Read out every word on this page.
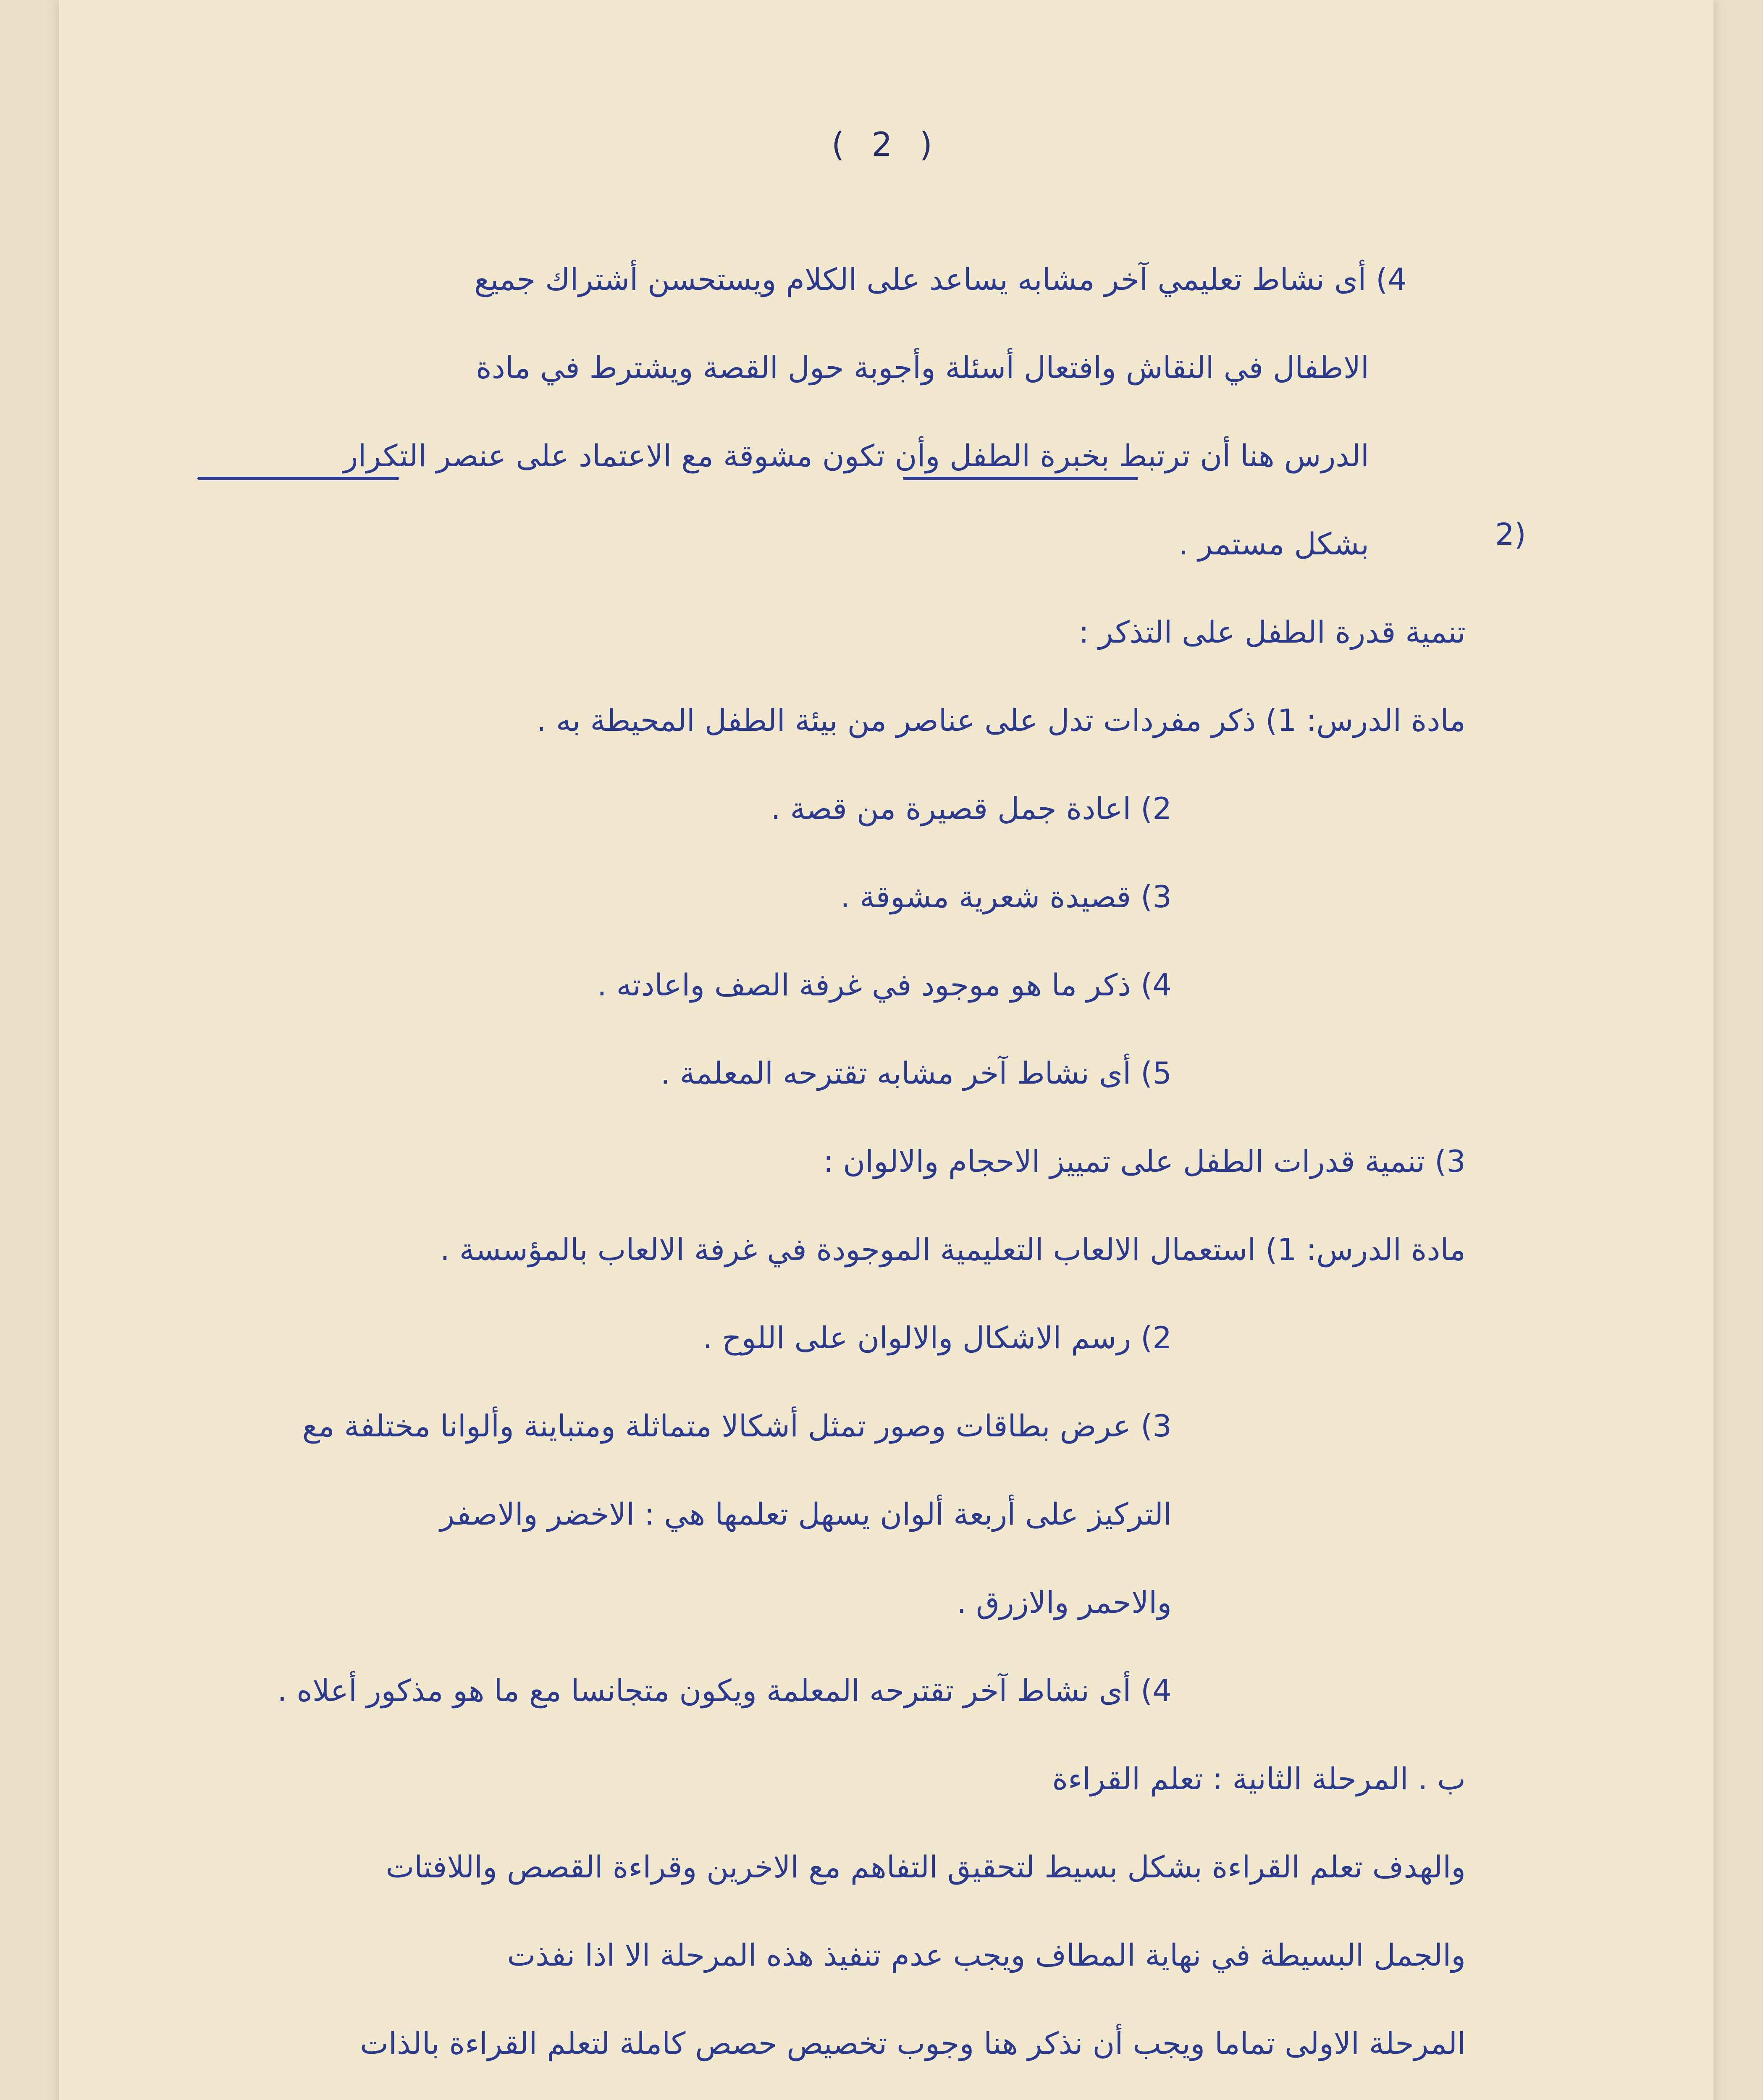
( 2 )
2)
4) أى نشاط تعليمي آخر مشابه يساعد على الكلام ويستحسن أشتراك جميع
الاطفال في النقاش وافتعال أسئلة وأجوبة حول القصة ويشترط في مادة
الدرس هنا أن ترتبط بخبرة الطفل وأن تكون مشوقة مع الاعتماد على عنصر التكرار
بشكل مستمر .
تنمية قدرة الطفل على التذكر :
مادة الدرس: 1) ذكر مفردات تدل على عناصر من بيئة الطفل المحيطة به .
2) اعادة جمل قصيرة من قصة .
3) قصيدة شعرية مشوقة .
4) ذكر ما هو موجود في غرفة الصف واعادته .
5) أى نشاط آخر مشابه تقترحه المعلمة .
3) تنمية قدرات الطفل على تمييز الاحجام والالوان :
مادة الدرس: 1) استعمال الالعاب التعليمية الموجودة في غرفة الالعاب بالمؤسسة .
2) رسم الاشكال والالوان على اللوح .
3) عرض بطاقات وصور تمثل أشكالا متماثلة ومتباينة وألوانا مختلفة مع
التركيز على أربعة ألوان يسهل تعلمها هي : الاخضر والاصفر
والاحمر والازرق .
4) أى نشاط آخر تقترحه المعلمة ويكون متجانسا مع ما هو مذكور أعلاه .
ب . المرحلة الثانية : تعلم القراءة
والهدف تعلم القراءة بشكل بسيط لتحقيق التفاهم مع الاخرين وقراءة القصص واللافتات
والجمل البسيطة في نهاية المطاف ويجب عدم تنفيذ هذه المرحلة الا اذا نفذت
المرحلة الاولى تماما ويجب أن نذكر هنا وجوب تخصيص حصص كاملة لتعلم القراءة بالذات
